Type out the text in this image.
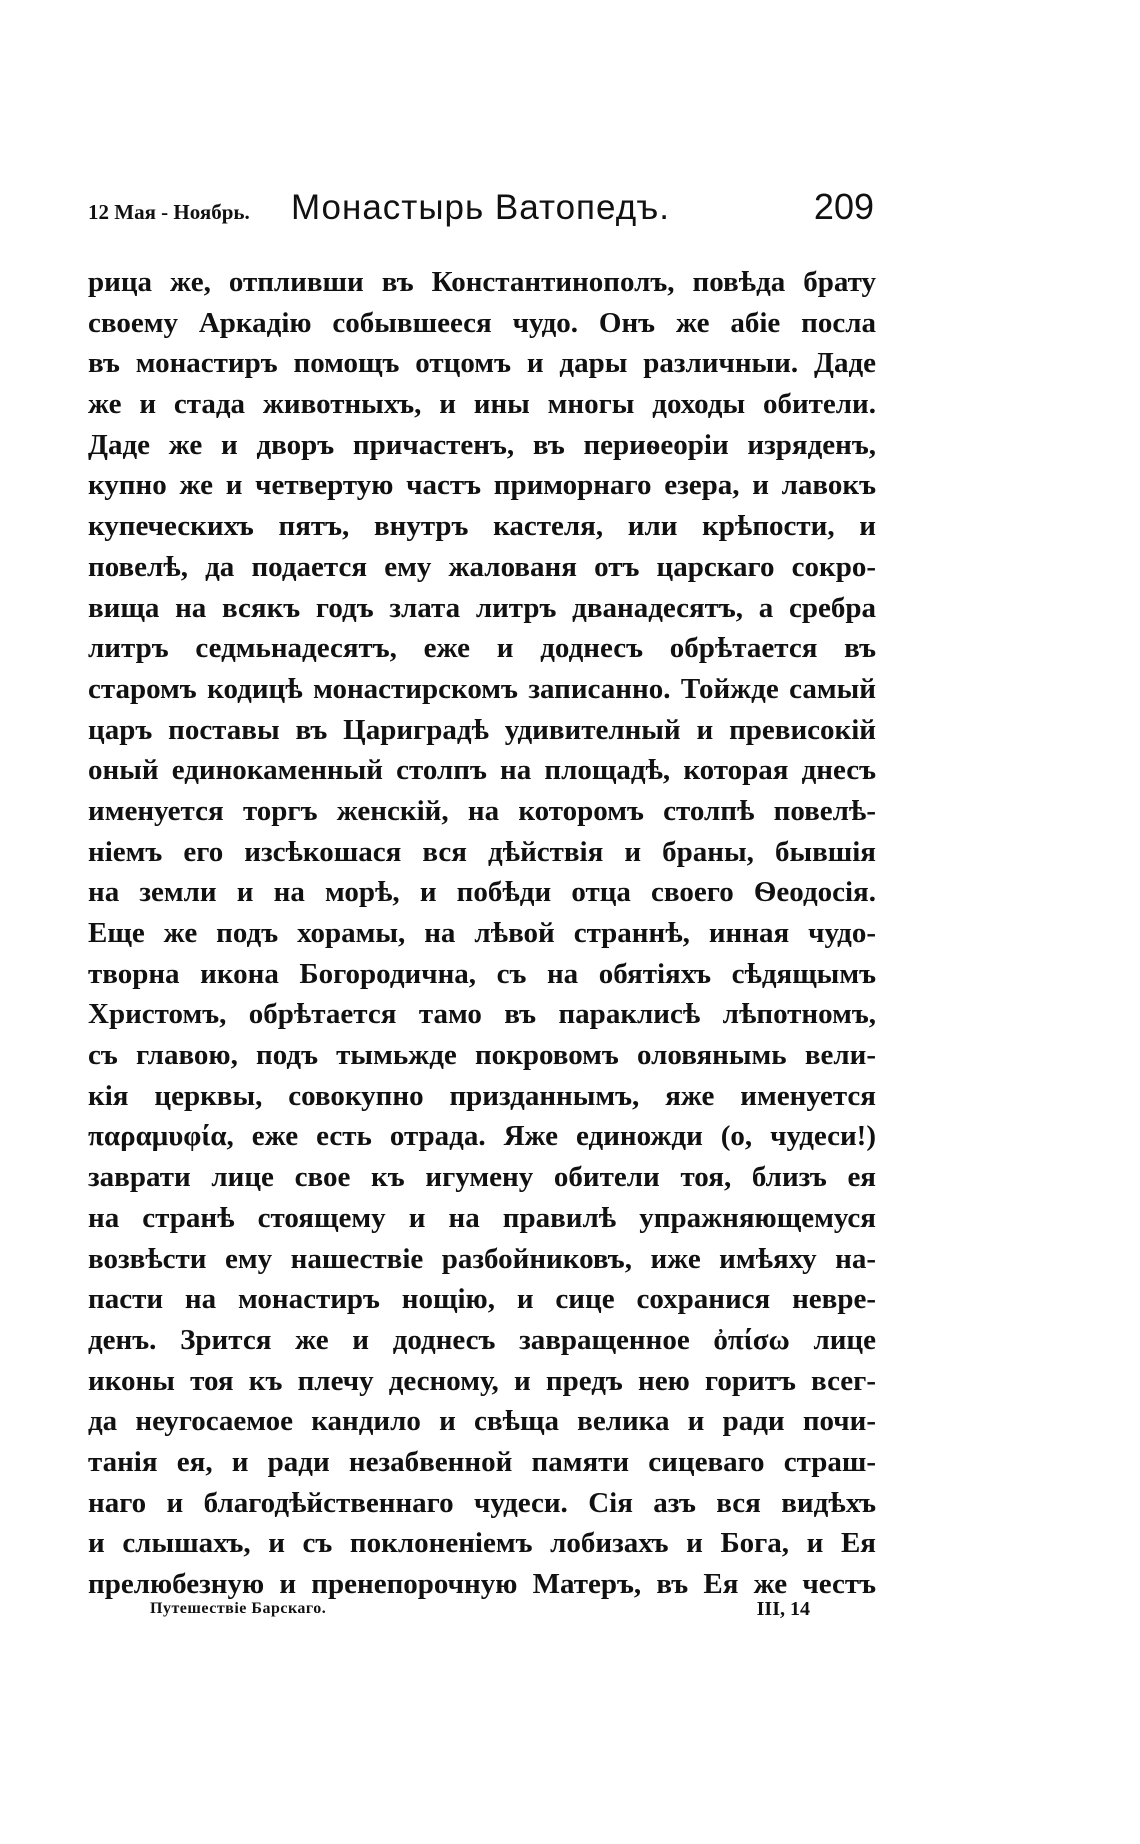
12 Мая - Ноябрь. Монастырь Ватопедъ.	209
рица же, отпливши въ Константинополъ, повѣда брату
своему Аркадію собывшееся чудо. Онъ же абіе посла
въ монастиръ помощъ отцомъ и дары различныи. Даде
же и стада животныхъ, и ины многы доходы обители.
Даде же и дворъ причастенъ, въ периѳеоріи изряденъ,
купно же и четвертую частъ приморнаго езера, и лавокъ
купеческихъ пятъ, внутръ кастеля, или крѣпости, и
повелѣ, да подается ему жалованя отъ царскаго сокро-
вища на всякъ годъ злата литръ дванадесятъ, а сребра
литръ седмьнадесятъ, еже и доднесъ обрѣтается въ
старомъ кодицѣ монастирскомъ записанно. Тойжде самый
царъ поставы въ Цариградѣ удивителный и превисокій
оный единокаменный столпъ на площадѣ, которая днесъ
именуется торгъ женскій, на которомъ столпѣ повелѣ-
ніемъ его изсѣкошася вся дѣйствія и браны, бывшія
на земли и на морѣ, и побѣди отца своего Ѳеодосія.
Еще же подъ хорамы, на лѣвой страннѣ, инная чудо-
творна икона Богородична, съ на обятіяхъ сѣдящымъ
Христомъ, обрѣтается тамо въ параклисѣ лѣпотномъ,
съ главою, подъ тымьжде покровомъ оловянымь вели-
кія церквы, совокупно призданнымъ, яже именуется
παραμυφία, еже есть отрада. Яже единожди (о, чудеси!)
заврати лице свое къ игумену обители тоя, близъ ея
на странѣ стоящему и на правилѣ упражняющемуся
возвѣсти ему нашествіе разбойниковъ, иже имѣяху на-
пасти на монастиръ нощію, и сице сохранися невре-
денъ. Зрится же и доднесъ завращенное ὀπίσω лице
иконы тоя къ плечу десному, и предъ нею горитъ всег-
да неугосаемое кандило и свѣща велика и ради почи-
танія ея, и ради незабвенной памяти сицеваго страш-
наго и благодѣйственнаго чудеси. Сія азъ вся видѣхъ
и слышахъ, и съ поклоненіемъ лобизахъ и Бога, и Ея
прелюбезную и пренепорочную Матеръ, въ Ея же честъ
Путешествіе Барскаго.	III, 14
